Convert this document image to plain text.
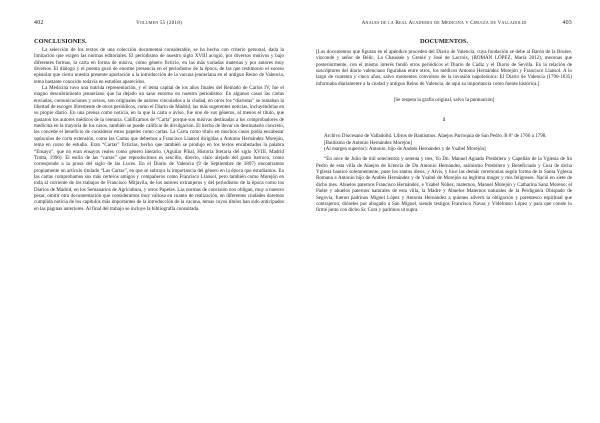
402	Volumen 55 (2018)
CONCLUSIONES.

La selección de los textos de una colección documental considerable, se ha hecho con criterio personal, dada la limitación que exigen las normas editoriales. El periodismo de nuestro siglo XVIII acogió, por diversos motivos y bajo diferentes formas, la carta en forma de misiva, como género ficticio, en las más variadas materias y por autores muy diversos. El diálogo y el poema gozó de enorme presencia en el periodismo de la época, de las que testimonio el suceso epistolar que cierra nuestra presente aportación a la introducción de la vacuna jenneriana en el antiguo Reino de Valencia, tema bastante conocido todavía en estudios aparecidos.

La Medicina tuvo una nutrida representación, y el tema capital de los años finales del Reinado de Carlos IV, fue el magno descubrimiento jenneriano que ha dejado un sano entorno en nuestro periodismo. En algunos casos las cartas enviadas, comunicaciones y avisos, son originales de autores vinculados a la ciudad, en otros los “diaristas” se tomaban la libertad de escoger libremente de otros periódicos, como el Diario de Madrid, las más sugerentes noticias, incluyéndolas en su propio diario. En una prensa como noticia, en la que la carta o aviso, fue uno de sus géneros, al menos el título, que gustaron los autores médicos de la centuria. Calificamos de “Carta” porque son misivas destinadas a los comprobadores de medicina en la mayoría de los casos, también se puede calificar de divulgación. El hecho de llevar un destinatario concreto, les concede el beneficio de considerar estos papeles como cartas. La Carta como título en muchos casos podía encabezar opúsculos de corta extensión, como las Cartas que debemos a Francisco Llansol dirigidas a Antonio Hernández Morejón, tema en curso de estudio. Eran “Cartas” ficticias, hecho que también se produjo en los textos encabezados la palabra “Ensayo”, que no eran ensayos reales como género literario. (Aguilar Piñal, Historia literaria del siglo XVIII, Madrid Trotta, 1996). El estilo de las “cartas” que reproducimos es sencillo, directo, claro alejado del gusto barroco, como corresponde a la prosa del siglo de las Luces. En el Diario de Valencia (9 de Septiembre de 1807) encontramos propiamente un artículo titulado “Las Cartas”, en que se subraya la importancia del género en la época que estudiamos. En las cartas comprobamos sus más certeros amigos y compañeros como Francisco Llansol, pero también como Morejón en toda al corriente de los trabajos de Francisco Mitjavila, de los autores extranjeros y del periodismo de la época como los Diarios de Madrid, en los Semanarios de Agricultura, y otros Papeles. Las normas de concisión nos obligan, muy a nuestro pesar, omitir otra documentación que consideramos muy valiosa en cuanto de realización, en diferentes ciudades daremos cumplida noticia de los capítulos más importantes de la introducción de la vacuna, temas cuyos títulos han sido anticipados en las páginas anteriores. Al final del trabajo se incluye la bibliografía consultada.

Anales de la Real Academia de Medicina y Cirugía de Valladolid	403
DOCUMENTOS.

[Los documentos que figuran en el apéndice proceden del Diario de Valencia, cuya fundación se debe al Barón de la Bruère, vizconde y señor de Bèlic, La Chaussée y Grenié y José de Lacroix, (ROMÁN LÓPEZ, María 2012), mecenas que posteriormente, con el mismo interés fundó otros periódicos el Diario de Cádiz y el Diario de Sevilla. En la relación de suscriptores del diario valenciano figuraban entre otros, los médicos Antonio Hernández Morejón y Francisco Llansol. A lo largo de cuarenta y cinco años, salvo momentos convulsos de la invasión napoleónica: El Diario de Valencia (1790-1835) informaba diariamente a la ciudad y antiguo Reino de Valencia, de aquí su importancia como fuente histórica.]

[Se respeta la grafía original, salvo la puntuación]

1

Archivo Diocesano de Valladolid. Libros de Bautismos. Alaejos Parroquia de San Pedro. B 8º de 1766 a 1798.

[Bautismo de Antonio Hernández Morejón]

(Al margen superior): Antonio, hijo de Andrés Hernández y de Ysabel Morejón]

“En once de Julio de mil setecientos y setenta y tres, Yo Dn. Manuel Aguado Presbítero y Capellán de la Yglesia de Sn Pedro de esta villa de Alaejos de licencia de Dn Antonio Hernández, asimismo Presbítero y Beneficiado y Cura de dicha Yglesia bauticé solemnemente, puse los santos óleos, y Alvis, y hice las demás ceremonias según forma de la Santa Yglesia Romana a Antonio hijo de Andrés Hernández y de Ysabel de Morejón su legítima muger y mis feligreses. Nació en siete de dicho mes. Abuelos paternos Francisco Hernández, e Ysabel Núñez, maternos, Manuel Morejón y Catharina Sanz Moreno; el Padre y abuelos paternos naturales de esta villa, la Madre y Abuelos Maternos naturales de la Perdiguera Obispado de Segovia, fueron padrinos Miguel López y Antonia Hernández a quienes advertí la obligación y parentesco espiritual que contrajeron, dióseles por abogado a San Miguel, siendo testigos Francisco Navas y Yldefonso López y para que conste lo firmé junto con dicho Sr. Cura y padrinos ut supra.
